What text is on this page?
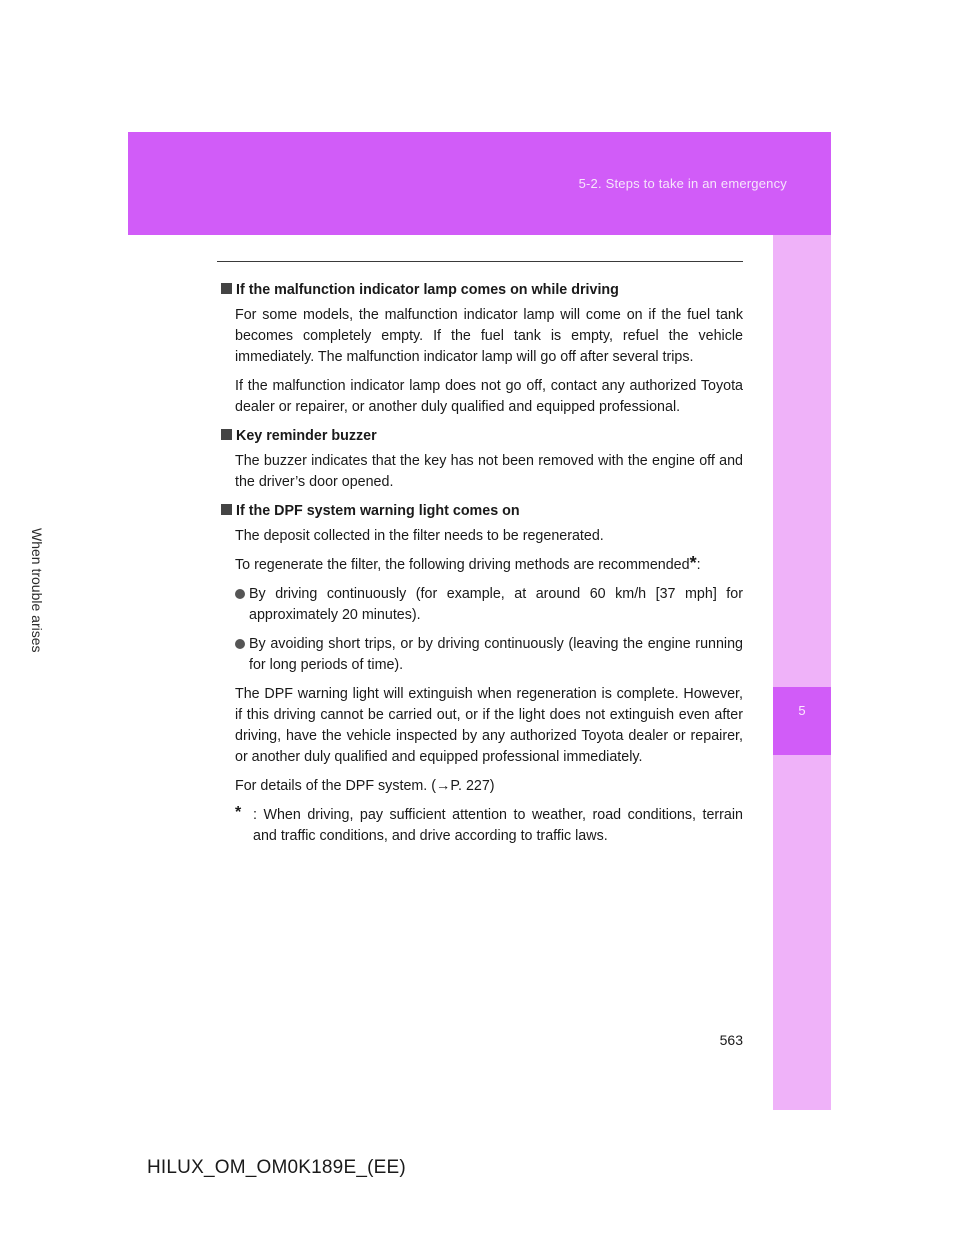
5-2. Steps to take in an emergency
5
When trouble arises
If the malfunction indicator lamp comes on while driving

For some models, the malfunction indicator lamp will come on if the fuel tank becomes completely empty. If the fuel tank is empty, refuel the vehicle immediately. The malfunction indicator lamp will go off after several trips.

If the malfunction indicator lamp does not go off, contact any authorized Toyota dealer or repairer, or another duly qualified and equipped professional.

Key reminder buzzer

The buzzer indicates that the key has not been removed with the engine off and the driver’s door opened.

If the DPF system warning light comes on

The deposit collected in the filter needs to be regenerated.

To regenerate the filter, the following driving methods are recommended*:

By driving continuously (for example, at around 60 km/h [37 mph] for approximately 20 minutes).
By avoiding short trips, or by driving continuously (leaving the engine running for long periods of time).

The DPF warning light will extinguish when regeneration is complete. However, if this driving cannot be carried out, or if the light does not extinguish even after driving, have the vehicle inspected by any authorized Toyota dealer or repairer, or another duly qualified and equipped professional immediately.

For details of the DPF system. (→P. 227)

* : When driving, pay sufficient attention to weather, road conditions, terrain and traffic conditions, and drive according to traffic laws.

563
HILUX_OM_OM0K189E_(EE)
